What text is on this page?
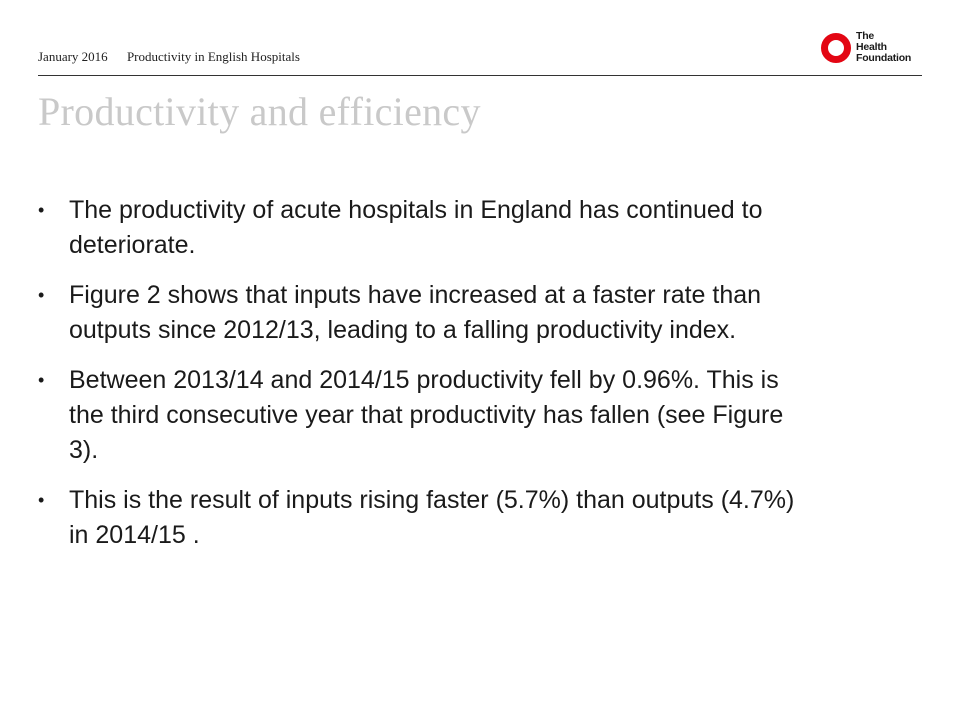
January 2016 Productivity in English Hospitals
The
Health
Foundation
Productivity and efficiency
• The productivity of acute hospitals in England has continued to deteriorate.
• Figure 2 shows that inputs have increased at a faster rate than outputs since 2012/13, leading to a falling productivity index.
• Between 2013/14 and 2014/15 productivity fell by 0.96%. This is the third consecutive year that productivity has fallen (see Figure 3).
• This is the result of inputs rising faster (5.7%) than outputs (4.7%) in 2014/15 .
